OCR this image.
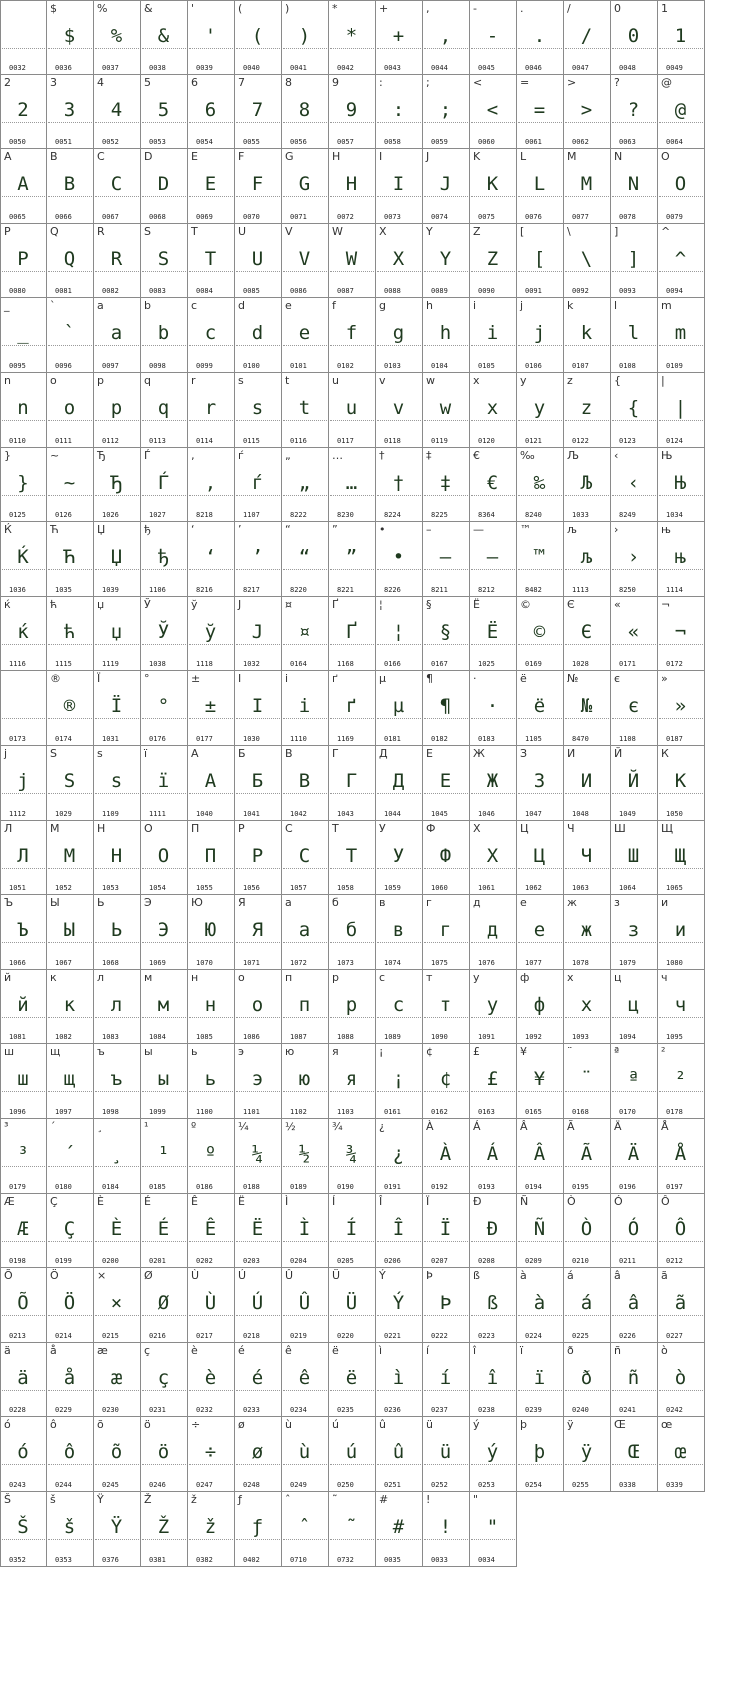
0032
$
$
0036
%
%
0037
&
&
0038
'
'
0039
(
(
0040
)
)
0041
*
*
0042
+
+
0043
,
,
0044
-
-
0045
.
.
0046
/
/
0047
0
0
0048
1
1
0049
2
2
0050
3
3
0051
4
4
0052
5
5
0053
6
6
0054
7
7
0055
8
8
0056
9
9
0057
:
:
0058
;
;
0059
<
<
0060
=
=
0061
>
>
0062
?
?
0063
@
@
0064
A
A
0065
B
B
0066
C
C
0067
D
D
0068
E
E
0069
F
F
0070
G
G
0071
H
H
0072
I
I
0073
J
J
0074
K
K
0075
L
L
0076
M
M
0077
N
N
0078
O
O
0079
P
P
0080
Q
Q
0081
R
R
0082
S
S
0083
T
T
0084
U
U
0085
V
V
0086
W
W
0087
X
X
0088
Y
Y
0089
Z
Z
0090
[
[
0091
\
\
0092
]
]
0093
^
^
0094
_
_
0095
`
`
0096
a
a
0097
b
b
0098
c
c
0099
d
d
0100
e
e
0101
f
f
0102
g
g
0103
h
h
0104
i
i
0105
j
j
0106
k
k
0107
l
l
0108
m
m
0109
n
n
0110
o
o
0111
p
p
0112
q
q
0113
r
r
0114
s
s
0115
t
t
0116
u
u
0117
v
v
0118
w
w
0119
x
x
0120
y
y
0121
z
z
0122
{
{
0123
|
|
0124
}
}
0125
~
~
0126
Ђ
Ђ
1026
Ѓ
Ѓ
1027
‚
‚
8218
ѓ
ѓ
1107
„
„
8222
…
…
8230
†
†
8224
‡
‡
8225
€
€
8364
‰
‰
8240
Љ
Љ
1033
‹
‹
8249
Њ
Њ
1034
Ќ
Ќ
1036
Ћ
Ћ
1035
Џ
Џ
1039
ђ
ђ
1106
‘
‘
8216
’
’
8217
“
“
8220
”
”
8221
•
•
8226
–
–
8211
—
—
8212
™
™
8482
љ
љ
1113
›
›
8250
њ
њ
1114
ќ
ќ
1116
ћ
ћ
1115
џ
џ
1119
Ў
Ў
1038
ў
ў
1118
J
J
1032
¤
¤
0164
Ґ
Ґ
1168
¦
¦
0166
§
§
0167
Ё
Ё
1025
©
©
0169
Є
Є
1028
«
«
0171
¬
¬
0172
0173
®
®
0174
Ї
Ї
1031
°
°
0176
±
±
0177
I
I
1030
i
i
1110
ґ
ґ
1169
µ
µ
0181
¶
¶
0182
·
·
0183
ё
ё
1105
№
№
8470
є
є
1108
»
»
0187
j
j
1112
S
S
1029
s
s
1109
ї
ї
1111
А
А
1040
Б
Б
1041
В
В
1042
Г
Г
1043
Д
Д
1044
Е
Е
1045
Ж
Ж
1046
З
З
1047
И
И
1048
Й
Й
1049
К
К
1050
Л
Л
1051
М
М
1052
Н
Н
1053
О
О
1054
П
П
1055
Р
Р
1056
С
С
1057
Т
Т
1058
У
У
1059
Ф
Ф
1060
Х
Х
1061
Ц
Ц
1062
Ч
Ч
1063
Ш
Ш
1064
Щ
Щ
1065
Ъ
Ъ
1066
Ы
Ы
1067
Ь
Ь
1068
Э
Э
1069
Ю
Ю
1070
Я
Я
1071
а
а
1072
б
б
1073
в
в
1074
г
г
1075
д
д
1076
е
е
1077
ж
ж
1078
з
з
1079
и
и
1080
й
й
1081
к
к
1082
л
л
1083
м
м
1084
н
н
1085
о
о
1086
п
п
1087
р
р
1088
с
с
1089
т
т
1090
у
у
1091
ф
ф
1092
х
х
1093
ц
ц
1094
ч
ч
1095
ш
ш
1096
щ
щ
1097
ъ
ъ
1098
ы
ы
1099
ь
ь
1100
э
э
1101
ю
ю
1102
я
я
1103
¡
¡
0161
¢
¢
0162
£
£
0163
¥
¥
0165
¨
¨
0168
ª
ª
0170
²
²
0178
³
³
0179
´
´
0180
¸
¸
0184
¹
¹
0185
º
º
0186
¼
¼
0188
½
½
0189
¾
¾
0190
¿
¿
0191
À
À
0192
Á
Á
0193
Â
Â
0194
Ã
Ã
0195
Ä
Ä
0196
Å
Å
0197
Æ
Æ
0198
Ç
Ç
0199
È
È
0200
É
É
0201
Ê
Ê
0202
Ë
Ë
0203
Ì
Ì
0204
Í
Í
0205
Î
Î
0206
Ï
Ï
0207
Ð
Ð
0208
Ñ
Ñ
0209
Ò
Ò
0210
Ó
Ó
0211
Ô
Ô
0212
Õ
Õ
0213
Ö
Ö
0214
×
×
0215
Ø
Ø
0216
Ù
Ù
0217
Ú
Ú
0218
Û
Û
0219
Ü
Ü
0220
Ý
Ý
0221
Þ
Þ
0222
ß
ß
0223
à
à
0224
á
á
0225
â
â
0226
ã
ã
0227
ä
ä
0228
å
å
0229
æ
æ
0230
ç
ç
0231
è
è
0232
é
é
0233
ê
ê
0234
ë
ë
0235
ì
ì
0236
í
í
0237
î
î
0238
ï
ï
0239
ð
ð
0240
ñ
ñ
0241
ò
ò
0242
ó
ó
0243
ô
ô
0244
õ
õ
0245
ö
ö
0246
÷
÷
0247
ø
ø
0248
ù
ù
0249
ú
ú
0250
û
û
0251
ü
ü
0252
ý
ý
0253
þ
þ
0254
ÿ
ÿ
0255
Œ
Œ
0338
œ
œ
0339
Š
Š
0352
š
š
0353
Ÿ
Ÿ
0376
Ž
Ž
0381
ž
ž
0382
ƒ
ƒ
0402
ˆ
ˆ
0710
˜
˜
0732
#
#
0035
!
!
0033
"
"
0034
